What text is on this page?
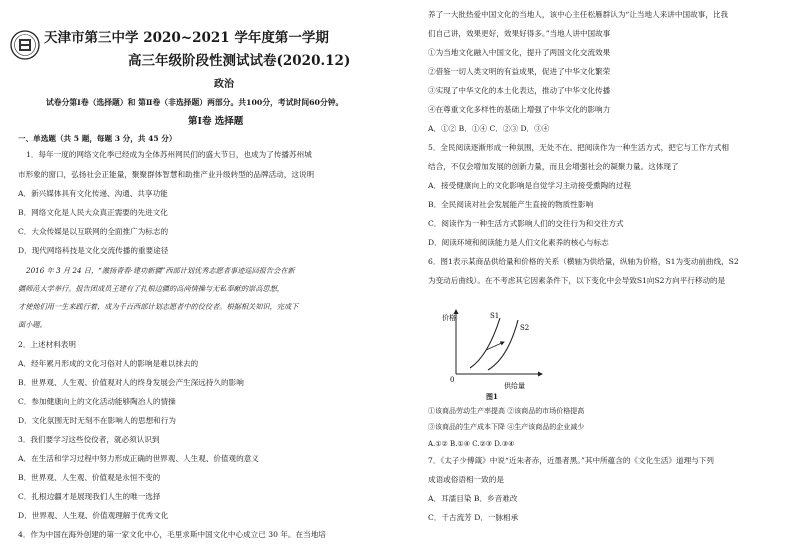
天津市第三中学 2020~2021 学年度第一学期
高三年级阶段性测试试卷(2020.12)
政治
试卷分第Ⅰ卷（选择题）和 第Ⅱ卷（非选择题）两部分。共100分，考试时间60分钟。
第Ⅰ卷 选择题
一、单选题（共 5 题，每题 3 分，共 45 分）
1．每年一度的网络文化季已经成为全体苏州网民们的盛大节日，也成为了传播苏州城
市形象的窗口，弘扬社会正能量，聚聚群体智慧和助推产业升级转型的品牌活动，这说明
A．新兴媒体具有文化传递、沟通、共享功能
B．网络文化是人民大众真正需要的先进文化
C．大众传媒是以互联网的全面推广为标志的
D．现代网络科技是文化交流传播的重要途径
2016 年 3 月 24 日，“激扬青春·建功新疆”西部计划优秀志愿者事迹巡回报告会在新
疆师范大学举行。报告团成员王建有了扎根边疆的高尚情操与无私奉献的崇高思想，
才使他们用一生来践行着，成为千百西部计划志愿者中的佼佼者。根据相关知识，完成下
面小题。
2．上述材料表明
A．经年累月形成的文化习俗对人的影响是难以抹去的
B．世界观、人生观、价值观对人的终身发展会产生深远持久的影响
C．参加健康向上的文化活动能够陶冶人的情操
D．文化氛围无时无刻不在影响人的思想和行为
3．我们要学习这些佼佼者，就必须认识到
A．在生活和学习过程中努力形成正确的世界观、人生观、价值观的意义
B．世界观、人生观、价值观是永恒不变的
C．扎根边疆才是展现我们人生的唯一选择
D．世界观、人生观、价值观理解于优秀文化
4．作为中国在海外创建的第一家文化中心，毛里求斯中国文化中心成立已 30 年。在当地培
养了一大批热爱中国文化的当地人，该中心主任松雁群认为“让当地人来讲中国故事，比我
们自己讲，效果更好，效果好得多。”当地人讲中国故事
①为当地文化融入中国文化，提升了两国文化交流效果
②借鉴一切人类文明的有益成果，促进了中华文化繁荣
③实现了中华文化的本土化表达，推动了中华文化传播
④在尊重文化多样性的基础上增强了中华文化的影响力
A．①② B．①④ C．②③ D．③④
5．全民阅读逐渐形成一种氛围，无处不在。把阅读作为一种生活方式，把它与工作方式相
结合，不仅会增加发展的创新力量，而且会增强社会的凝聚力量。这体现了
A．接受健康向上的文化影响是自觉学习主动接受熏陶的过程
B．全民阅读对社会发展能产生直接的物质性影响
C．阅读作为一种生活方式影响人们的交往行为和交往方式
D．阅读环境和阅读能力是人们文化素养的核心与标志
6．图1表示某商品供给量和价格的关系（横轴为供给量，纵轴为价格，S1为变动前曲线，S2
为变动后曲线）。在不考虑其它因素条件下，以下变化中会导致S1向S2方向平行移动的是
价格
供给量
0
S1
S2
图1
①该商品劳动生产率提高 ②该商品的市场价格提高
③该商品的生产成本下降 ④生产该商品的企业减少
A.①② B.①④ C.②③ D.③④
7．《太子少傅箴》中说“近朱者赤，近墨者黑。”其中所蕴含的《文化生活》道理与下列
成语或俗语相一致的是
A．耳濡目染 B．乡音难改
C．千古流芳 D．一脉相承
